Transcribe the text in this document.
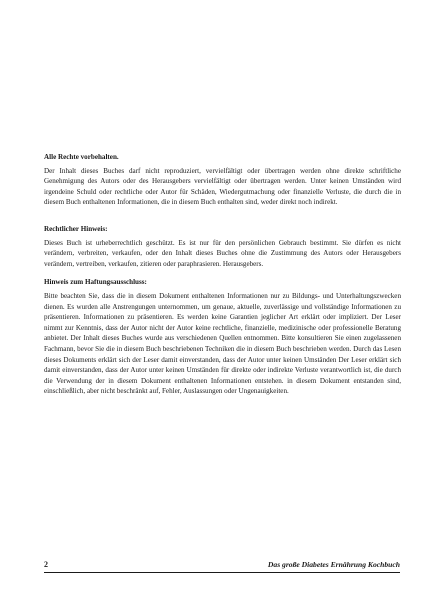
Alle Rechte vorbehalten.

Der Inhalt dieses Buches darf nicht reproduziert, vervielfältigt oder übertragen werden ohne direkte schriftliche Genehmigung des Autors oder des Herausgebers vervielfältigt oder übertragen werden. Unter keinen Umständen wird irgendeine Schuld oder rechtliche oder Autor für Schäden, Wiedergutmachung oder finanzielle Verluste, die durch die in diesem Buch enthaltenen Informationen, die in diesem Buch enthalten sind, weder direkt noch indirekt.

Rechtlicher Hinweis:

Dieses Buch ist urheberrechtlich geschützt. Es ist nur für den persönlichen Gebrauch bestimmt. Sie dürfen es nicht verändern, verbreiten, verkaufen, oder den Inhalt dieses Buches ohne die Zustimmung des Autors oder Herausgebers verändern, vertreiben, verkaufen, zitieren oder paraphrasieren. Herausgebers.

Hinweis zum Haftungsausschluss:

Bitte beachten Sie, dass die in diesem Dokument enthaltenen Informationen nur zu Bildungs- und Unterhaltungszwecken dienen. Es wurden alle Anstrengungen unternommen, um genaue, aktuelle, zuverlässige und vollständige Informationen zu präsentieren. Informationen zu präsentieren. Es werden keine Garantien jeglicher Art erklärt oder impliziert. Der Leser nimmt zur Kenntnis, dass der Autor nicht der Autor keine rechtliche, finanzielle, medizinische oder professionelle Beratung anbietet. Der Inhalt dieses Buches wurde aus verschiedenen Quellen entnommen. Bitte konsultieren Sie einen zugelassenen Fachmann, bevor Sie die in diesem Buch beschriebenen Techniken die in diesem Buch beschrieben werden. Durch das Lesen dieses Dokuments erklärt sich der Leser damit einverstanden, dass der Autor unter keinen Umständen Der Leser erklärt sich damit einverstanden, dass der Autor unter keinen Umständen für direkte oder indirekte Verluste verantwortlich ist, die durch die Verwendung der in diesem Dokument enthaltenen Informationen entstehen. in diesem Dokument entstanden sind, einschließlich, aber nicht beschränkt auf, Fehler, Auslassungen oder Ungenauigkeiten.

2	Das große Diabetes Ernährung Kochbuch
